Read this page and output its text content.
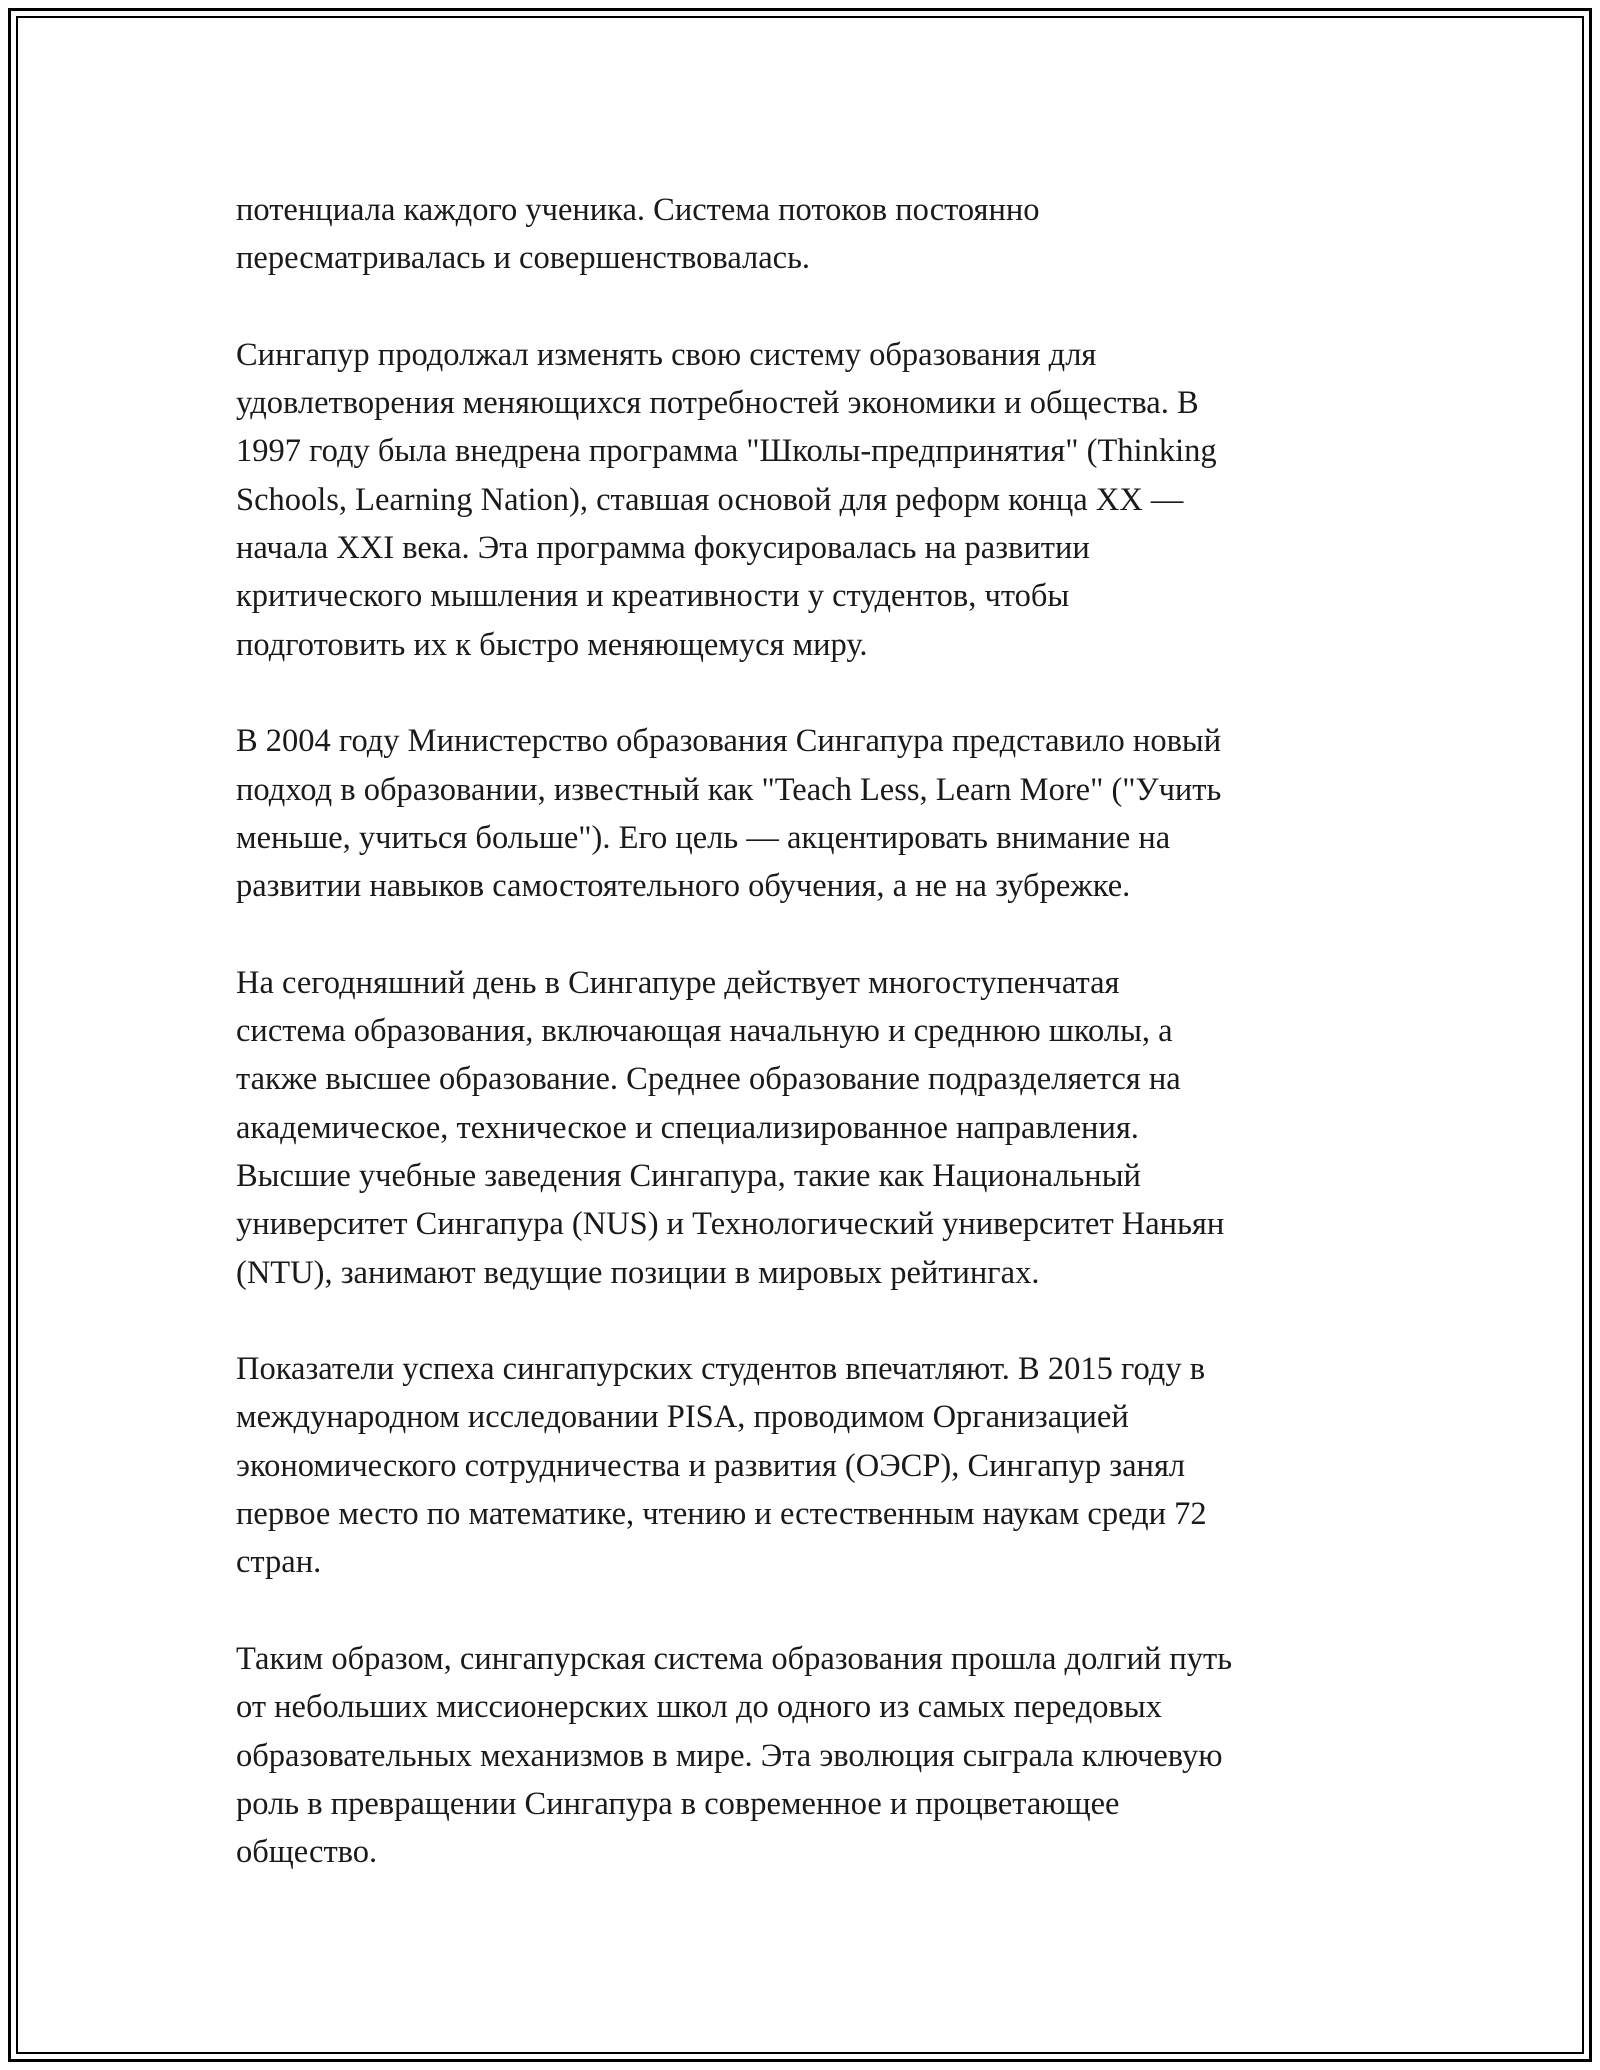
потенциала каждого ученика. Система потоков постоянно
пересматривалась и совершенствовалась.

Сингапур продолжал изменять свою систему образования для
удовлетворения меняющихся потребностей экономики и общества. В
1997 году была внедрена программа "Школы-предпринятия" (Thinking
Schools, Learning Nation), ставшая основой для реформ конца XX —
начала XXI века. Эта программа фокусировалась на развитии
критического мышления и креативности у студентов, чтобы
подготовить их к быстро меняющемуся миру.

В 2004 году Министерство образования Сингапура представило новый
подход в образовании, известный как "Teach Less, Learn More" ("Учить
меньше, учиться больше"). Его цель — акцентировать внимание на
развитии навыков самостоятельного обучения, а не на зубрежке.

На сегодняшний день в Сингапуре действует многоступенчатая
система образования, включающая начальную и среднюю школы, а
также высшее образование. Среднее образование подразделяется на
академическое, техническое и специализированное направления.
Высшие учебные заведения Сингапура, такие как Национальный
университет Сингапура (NUS) и Технологический университет Наньян
(NTU), занимают ведущие позиции в мировых рейтингах.

Показатели успеха сингапурских студентов впечатляют. В 2015 году в
международном исследовании PISA, проводимом Организацией
экономического сотрудничества и развития (ОЭСР), Сингапур занял
первое место по математике, чтению и естественным наукам среди 72
стран.

Таким образом, сингапурская система образования прошла долгий путь
от небольших миссионерских школ до одного из самых передовых
образовательных механизмов в мире. Эта эволюция сыграла ключевую
роль в превращении Сингапура в современное и процветающее
общество.
